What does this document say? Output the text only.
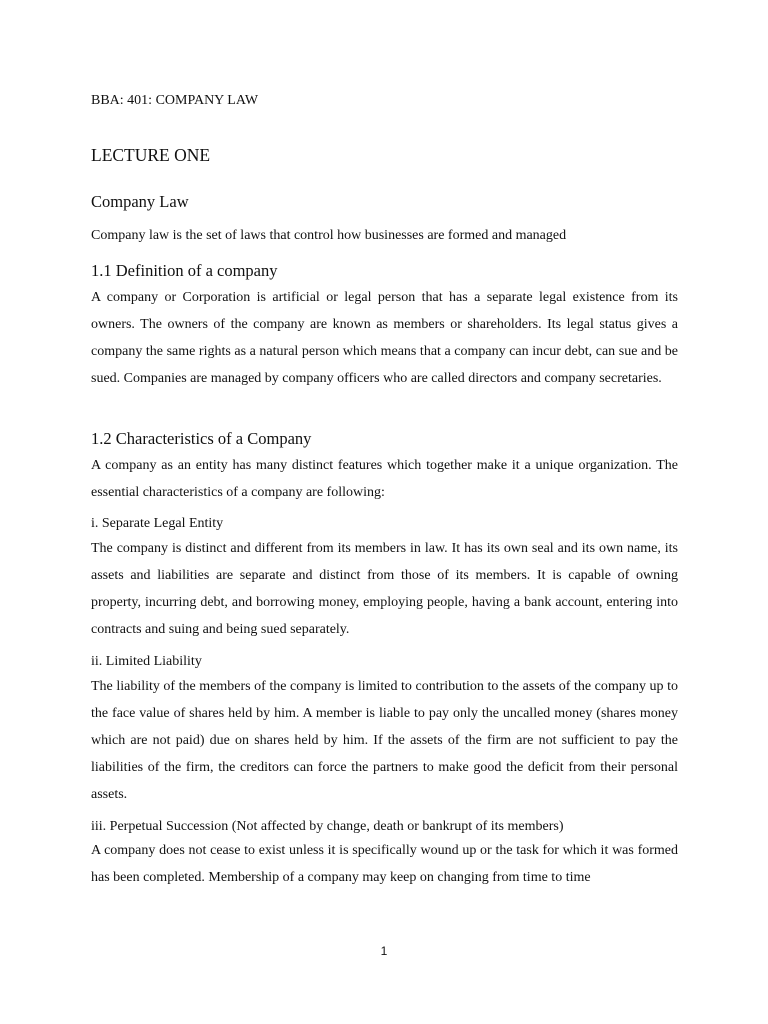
BBA: 401: COMPANY LAW
LECTURE ONE
Company Law
Company law is the set of laws that control how businesses are formed and managed
1.1 Definition of a company
A company or Corporation is artificial or legal person that has a separate legal existence from its owners. The owners of the company are known as members or shareholders. Its legal status gives a company the same rights as a natural person which means that a company can incur debt, can sue and be sued. Companies are managed by company officers who are called directors and company secretaries.
1.2 Characteristics of a Company
A company as an entity has many distinct features which together make it a unique organization. The essential characteristics of a company are following:
i. Separate Legal Entity
The company is distinct and different from its members in law. It has its own seal and its own name, its assets and liabilities are separate and distinct from those of its members. It is capable of owning property, incurring debt, and borrowing money, employing people, having a bank account, entering into contracts and suing and being sued separately.
ii. Limited Liability
The liability of the members of the company is limited to contribution to the assets of the company up to the face value of shares held by him. A member is liable to pay only the uncalled money (shares money which are not paid) due on shares held by him. If the assets of the firm are not sufficient to pay the liabilities of the firm, the creditors can force the partners to make good the deficit from their personal assets.
iii. Perpetual Succession (Not affected by change, death or bankrupt of its members)
A company does not cease to exist unless it is specifically wound up or the task for which it was formed has been completed. Membership of a company may keep on changing from time to time
1
